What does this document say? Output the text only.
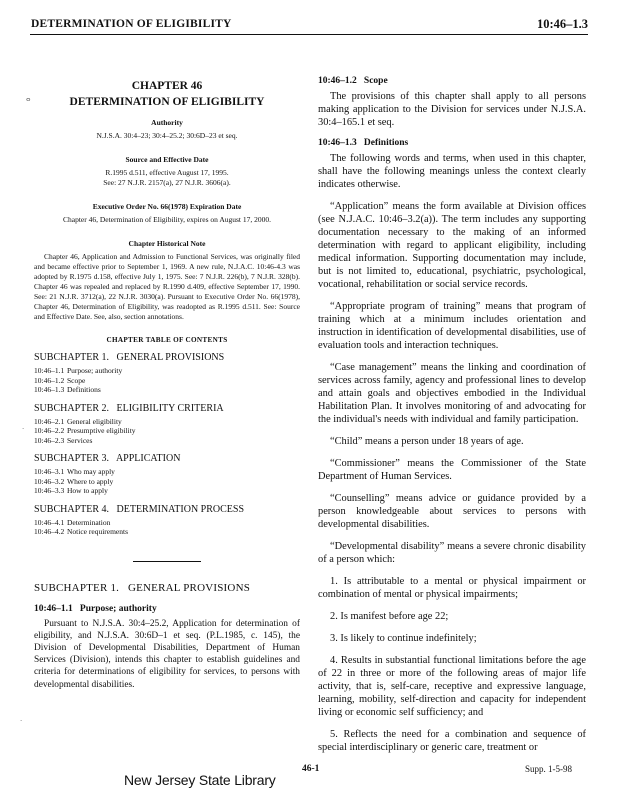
DETERMINATION OF ELIGIBILITY	10:46–1.3
ⴰ
·
·
CHAPTER 46
DETERMINATION OF ELIGIBILITY
Authority
N.J.S.A. 30:4–23; 30:4–25.2; 30:6D–23 et seq.
Source and Effective Date
R.1995 d.511, effective August 17, 1995.
See: 27 N.J.R. 2157(a), 27 N.J.R. 3606(a).
Executive Order No. 66(1978) Expiration Date
Chapter 46, Determination of Eligibility, expires on August 17, 2000.
Chapter Historical Note
Chapter 46, Application and Admission to Functional Services, was originally filed and became effective prior to September 1, 1969. A new rule, N.J.A.C. 10:46-4.3 was adopted by R.1975 d.158, effective July 1, 1975. See: 7 N.J.R. 226(b), 7 N.J.R. 328(b). Chapter 46 was repealed and replaced by R.1990 d.409, effective September 17, 1990. See: 21 N.J.R. 3712(a), 22 N.J.R. 3030(a). Pursuant to Executive Order No. 66(1978), Chapter 46, Determination of Eligibility, was readopted as R.1995 d.511. See: Source and Effective Date. See, also, section annotations.
CHAPTER TABLE OF CONTENTS
SUBCHAPTER 1.   GENERAL PROVISIONS
10:46–1.1 Purpose; authority
10:46–1.2 Scope
10:46–1.3 Definitions
SUBCHAPTER 2.   ELIGIBILITY CRITERIA
10:46–2.1 General eligibility
10:46–2.2 Presumptive eligibility
10:46–2.3 Services
SUBCHAPTER 3.   APPLICATION
10:46–3.1 Who may apply
10:46–3.2 Where to apply
10:46–3.3 How to apply
SUBCHAPTER 4.   DETERMINATION PROCESS
10:46–4.1 Determination
10:46–4.2 Notice requirements
SUBCHAPTER 1.   GENERAL PROVISIONS
10:46–1.1   Purpose; authority

Pursuant to N.J.S.A. 30:4–25.2, Application for determination of eligibility, and N.J.S.A. 30:6D–1 et seq. (P.L.1985, c. 145), the Division of Developmental Disabilities, Department of Human Services (Division), intends this chapter to establish guidelines and criteria for determinations of eligibility for services, to persons with developmental disabilities.

10:46–1.2   Scope

The provisions of this chapter shall apply to all persons making application to the Division for services under N.J.S.A. 30:4–165.1 et seq.

10:46–1.3   Definitions

The following words and terms, when used in this chapter, shall have the following meanings unless the context clearly indicates otherwise.

“Application” means the form available at Division offices (see N.J.A.C. 10:46–3.2(a)). The term includes any supporting documentation necessary to the making of an informed determination with regard to applicant eligibility, including medical information. Supporting documentation may include, but is not limited to, educational, psychiatric, psychological, vocational, rehabilitation or social service records.

“Appropriate program of training” means that program of training which at a minimum includes orientation and instruction in identification of developmental disabilities, use of evaluation tools and interaction techniques.

“Case management” means the linking and coordination of services across family, agency and professional lines to develop and attain goals and objectives embodied in the Individual Habilitation Plan. It involves monitoring of and advocating for the individual's needs with individual and family participation.

“Child” means a person under 18 years of age.

“Commissioner” means the Commissioner of the State Department of Human Services.

“Counselling” means advice or guidance provided by a person knowledgeable about services to persons with developmental disabilities.

“Developmental disability” means a severe chronic disability of a person which:

1. Is attributable to a mental or physical impairment or combination of mental or physical impairments;

2. Is manifest before age 22;

3. Is likely to continue indefinitely;

4. Results in substantial functional limitations before the age of 22 in three or more of the following areas of major life activity, that is, self-care, receptive and expressive language, learning, mobility, self-direction and capacity for independent living or economic self sufficiency; and

5. Reflects the need for a combination and sequence of special interdisciplinary or generic care, treatment or

New Jersey State Library
46-1	Supp. 1-5-98
